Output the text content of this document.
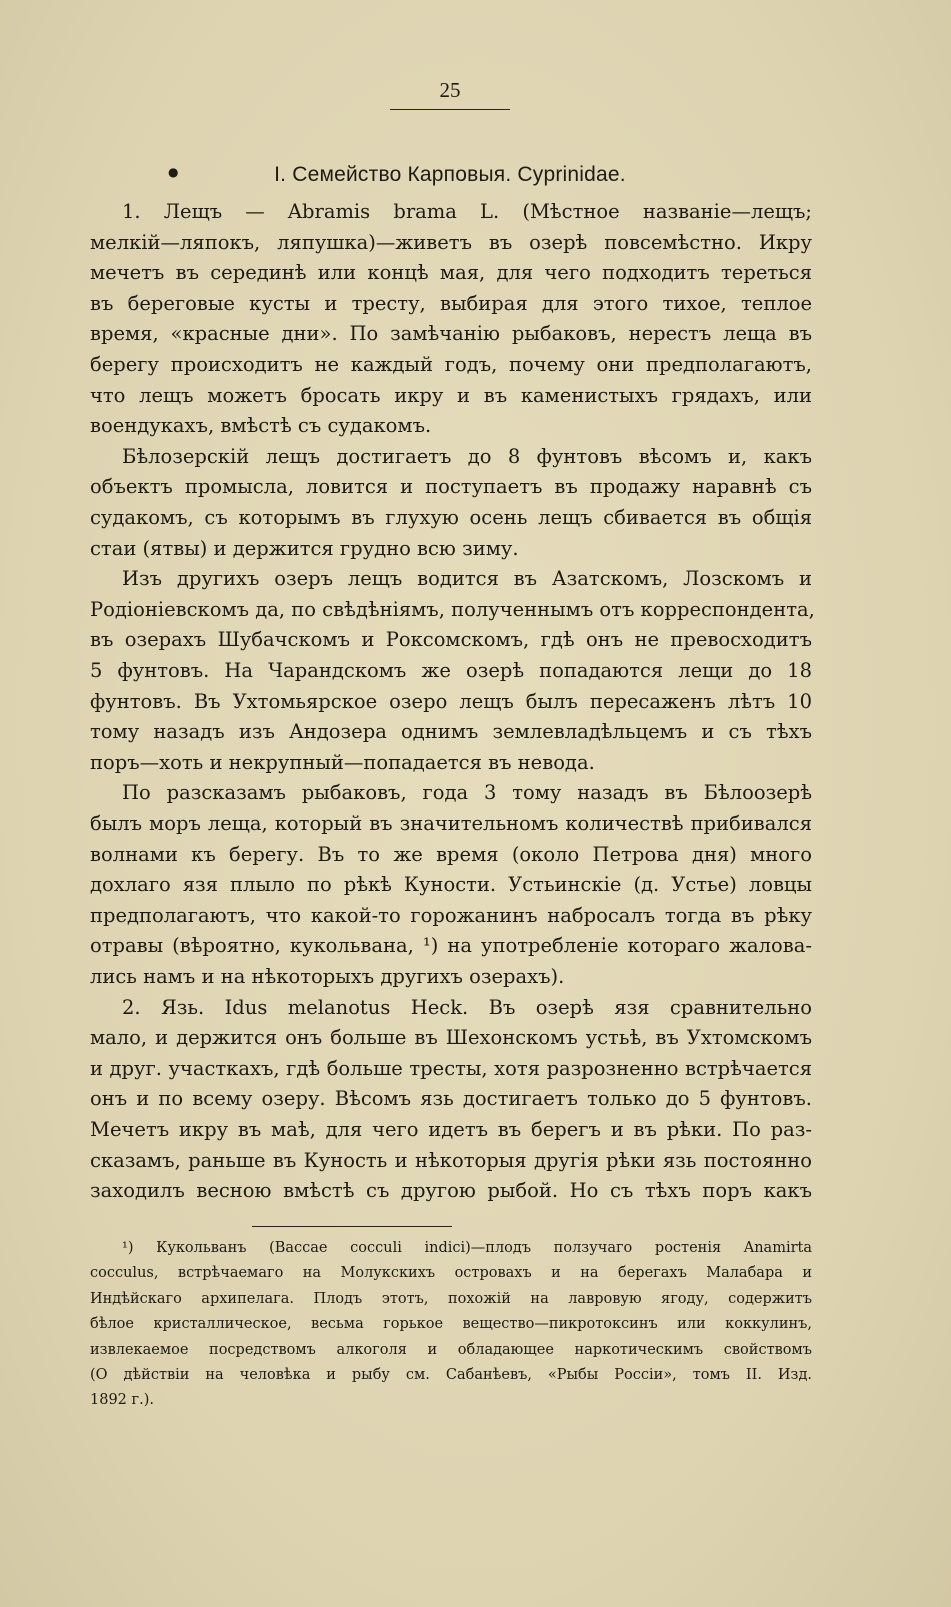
25
●	I. Семейство Карповыя. Cyprinidae.
1. Лещъ — Abramis brama L. (Мѣстное названіе—лещъ;
мелкій—ляпокъ, ляпушка)—живетъ въ озерѣ повсемѣстно. Икру
мечетъ въ серединѣ или концѣ мая, для чего подходитъ тереться
въ береговые кусты и тресту, выбирая для этого тихое, теплое
время, «красные дни». По замѣчанію рыбаковъ, нерестъ леща въ
берегу происходитъ не каждый годъ, почему они предполагаютъ,
что лещъ можетъ бросать икру и въ каменистыхъ грядахъ, или
воендукахъ, вмѣстѣ съ судакомъ.
Бѣлозерскій лещъ достигаетъ до 8 фунтовъ вѣсомъ и, какъ
объектъ промысла, ловится и поступаетъ въ продажу наравнѣ съ
судакомъ, съ которымъ въ глухую осень лещъ сбивается въ общія
стаи (ятвы) и держится грудно всю зиму.
Изъ другихъ озеръ лещъ водится въ Азатскомъ, Лозскомъ и
Родіоніевскомъ да, по свѣдѣніямъ, полученнымъ отъ корреспондента,
въ озерахъ Шубачскомъ и Роксомскомъ, гдѣ онъ не превосходитъ
5 фунтовъ. На Чарандскомъ же озерѣ попадаются лещи до 18
фунтовъ. Въ Ухтомьярское озеро лещъ былъ пересаженъ лѣтъ 10
тому назадъ изъ Андозера однимъ землевладѣльцемъ и съ тѣхъ
поръ—хоть и некрупный—попадается въ невода.
По разсказамъ рыбаковъ, года 3 тому назадъ въ Бѣлоозерѣ
былъ моръ леща, который въ значительномъ количествѣ прибивался
волнами къ берегу. Въ то же время (около Петрова дня) много
дохлаго язя плыло по рѣкѣ Куности. Устьинскіе (д. Устье) ловцы
предполагаютъ, что какой-то горожанинъ набросалъ тогда въ рѣку
отравы (вѣроятно, кукольвана, ¹) на употребленіе котораго жалова-
лись намъ и на нѣкоторыхъ другихъ озерахъ).
2. Язь. Idus melanotus Heck. Въ озерѣ язя сравнительно
мало, и держится онъ больше въ Шехонскомъ устьѣ, въ Ухтомскомъ
и друг. участкахъ, гдѣ больше тресты, хотя разрозненно встрѣчается
онъ и по всему озеру. Вѣсомъ язь достигаетъ только до 5 фунтовъ.
Мечетъ икру въ маѣ, для чего идетъ въ берегъ и въ рѣки. По раз-
сказамъ, раньше въ Куность и нѣкоторыя другія рѣки язь постоянно
заходилъ весною вмѣстѣ съ другою рыбой. Но съ тѣхъ поръ какъ
¹) Кукольванъ (Baccae cocculi indici)—плодъ ползучаго ростенія Anamirta
cocculus, встрѣчаемаго на Молукскихъ островахъ и на берегахъ Малабара и
Индѣйскаго архипелага. Плодъ этотъ, похожій на лавровую ягоду, содержитъ
бѣлое кристаллическое, весьма горькое вещество—пикротоксинъ или коккулинъ,
извлекаемое посредствомъ алкоголя и обладающее наркотическимъ свойствомъ
(О дѣйствіи на человѣка и рыбу см. Сабанѣевъ, «Рыбы Россіи», томъ II. Изд.
1892 г.).
